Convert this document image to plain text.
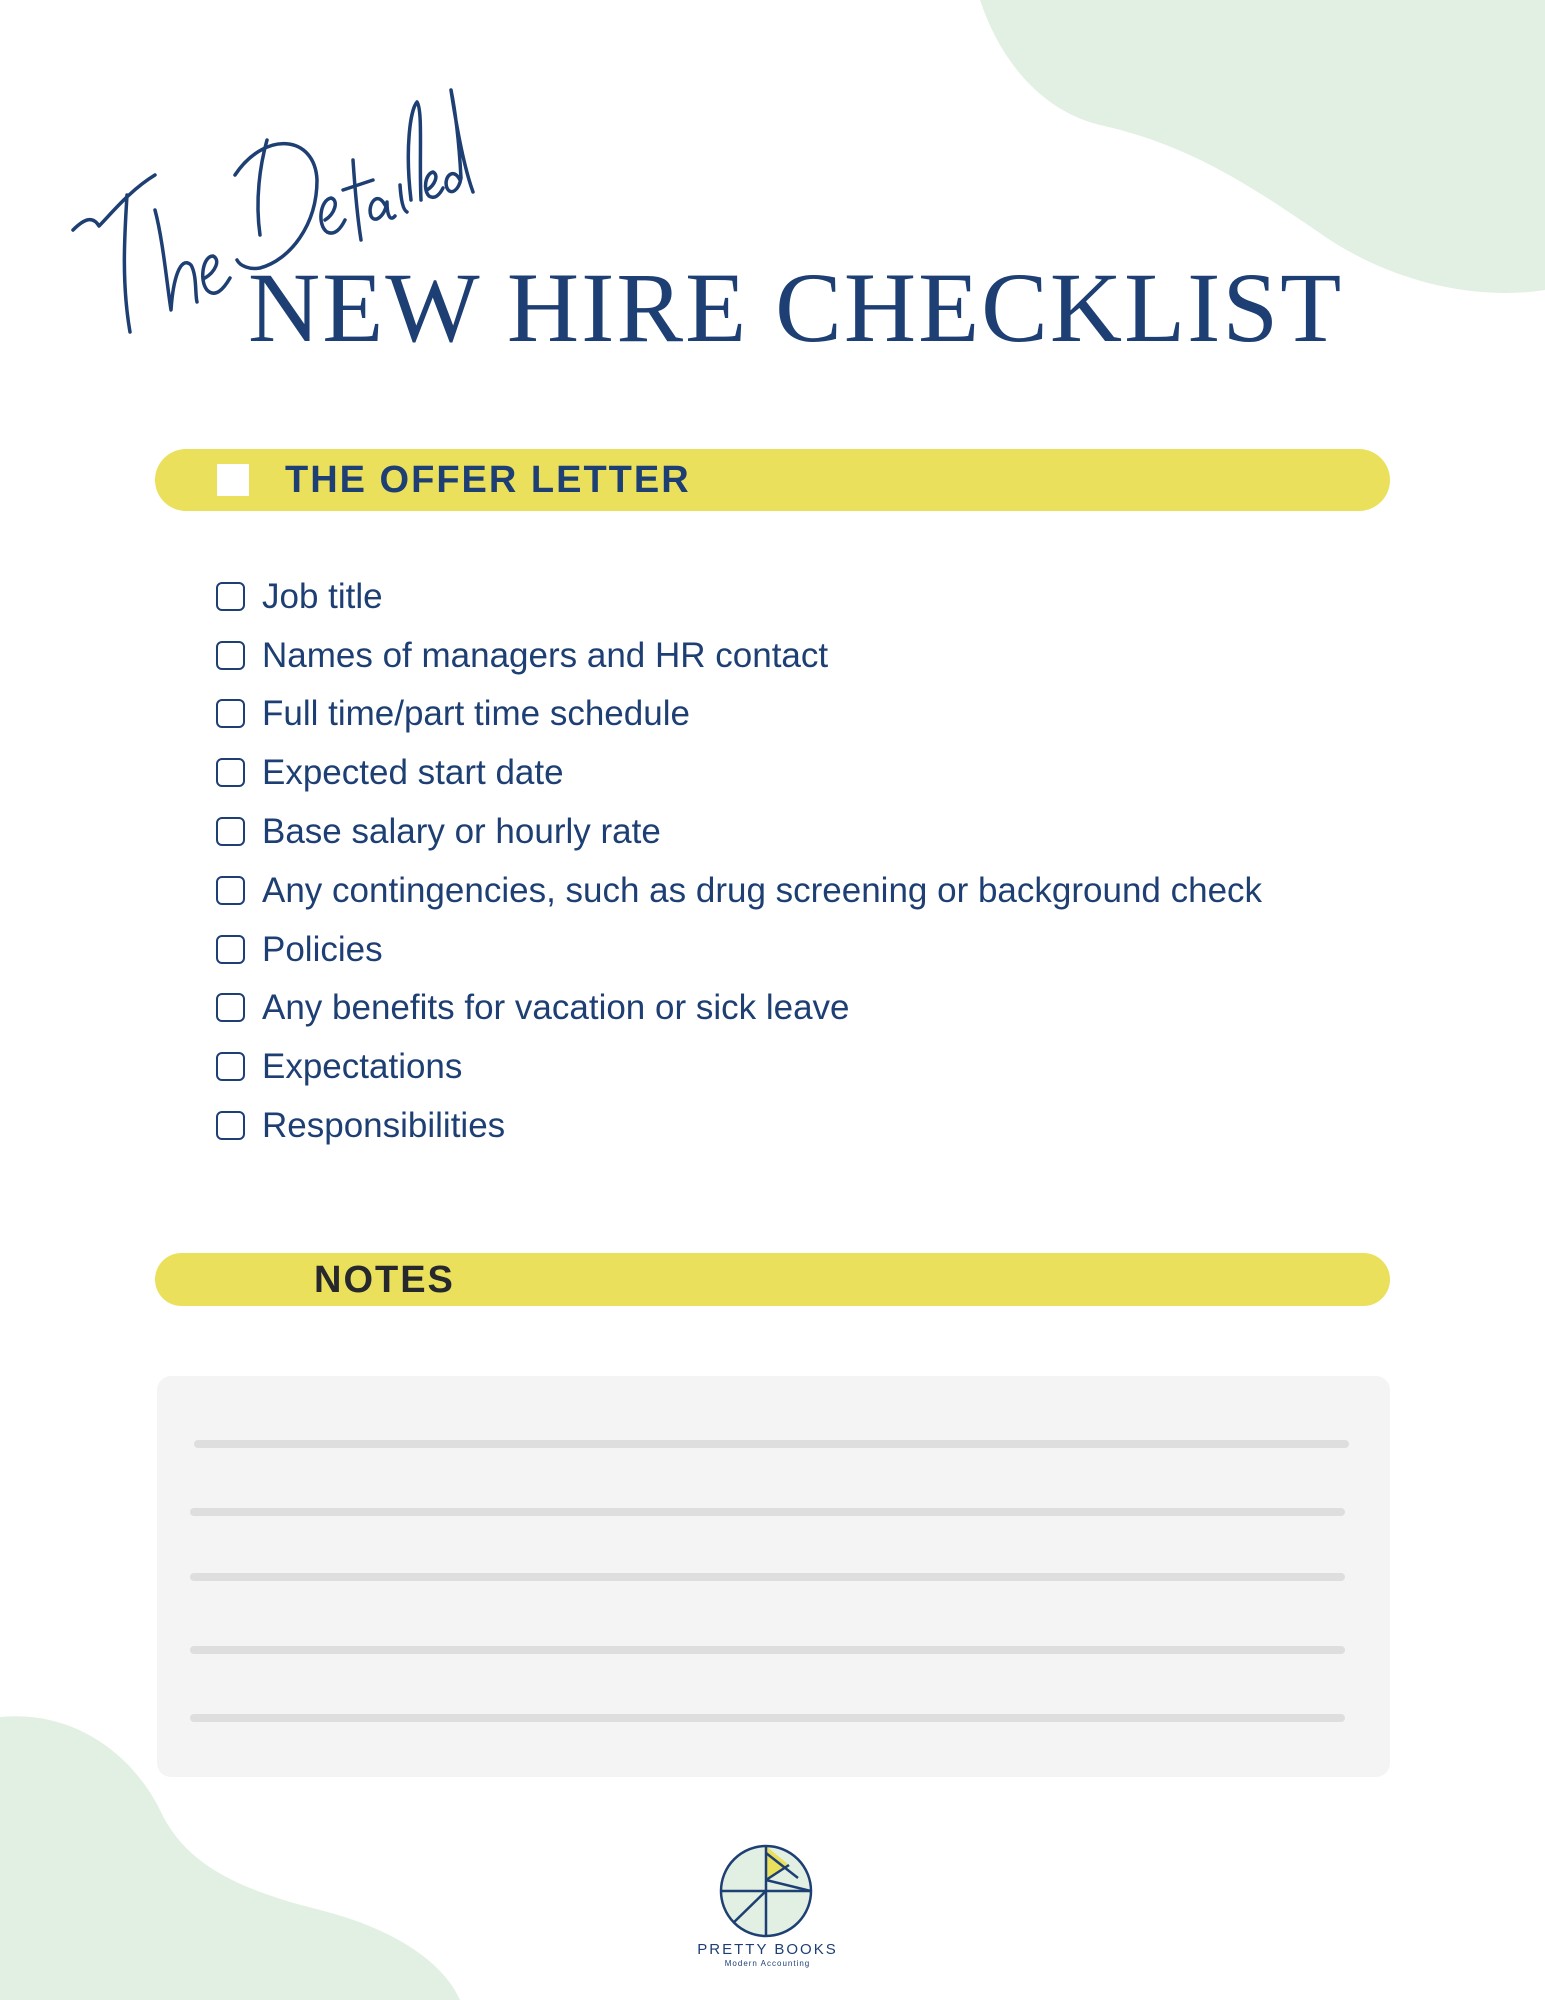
NEW HIRE CHECKLIST
THE OFFER LETTER
Job title
Names of managers and HR contact
Full time/part time schedule
Expected start date
Base salary or hourly rate
Any contingencies, such as drug screening or background check
Policies
Any benefits for vacation or sick leave
Expectations
Responsibilities
NOTES
PRETTY BOOKS
Modern Accounting
